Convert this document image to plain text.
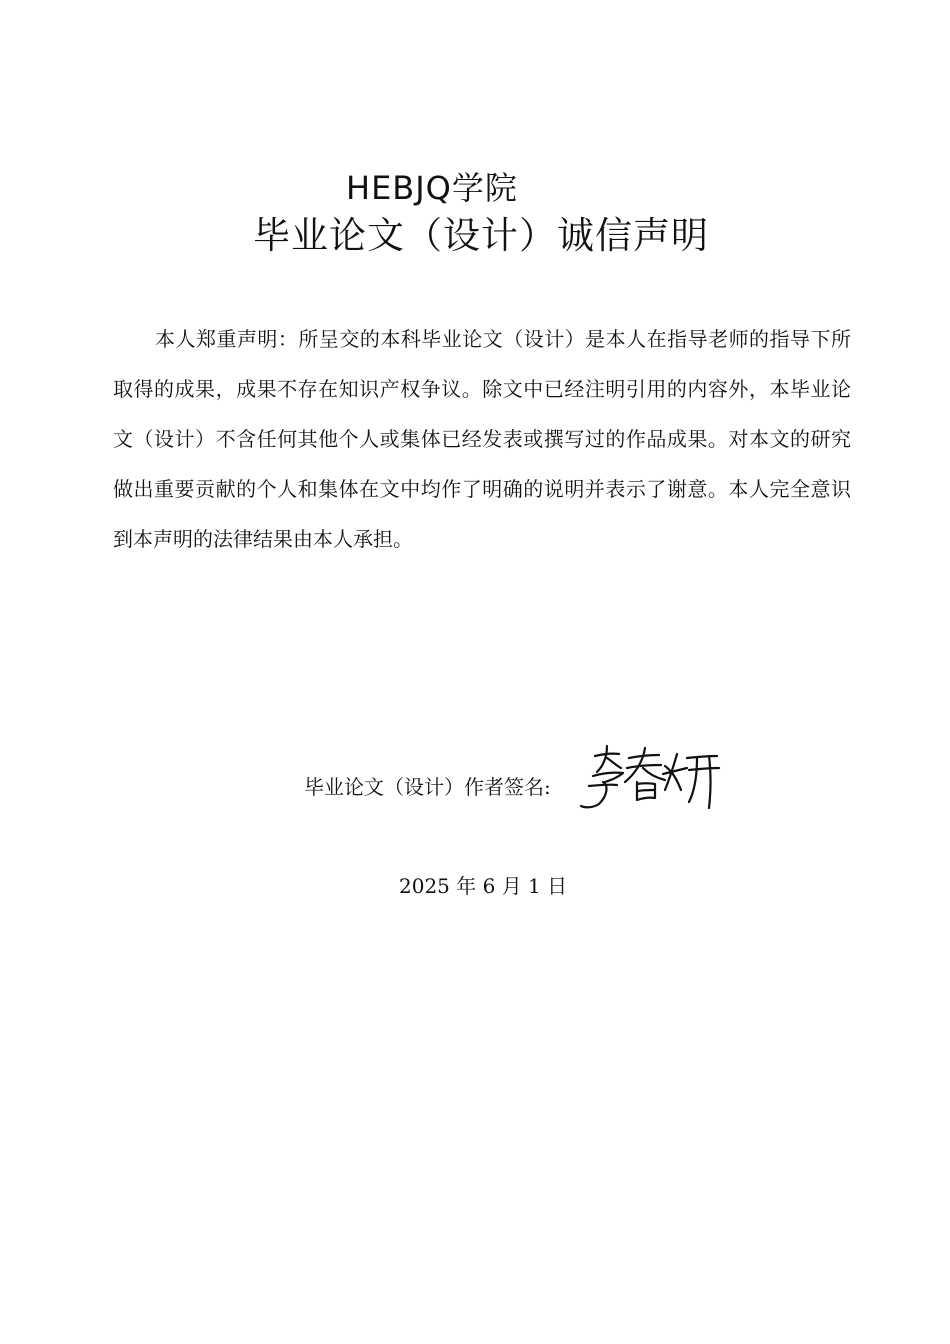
HEBJQ学院
毕业论文（设计）诚信声明

本人郑重声明：所呈交的本科毕业论文（设计）是本人在指导老师的指导下所取得的成果，成果不存在知识产权争议。除文中已经注明引用的内容外，本毕业论文（设计）不含任何其他个人或集体已经发表或撰写过的作品成果。对本文的研究做出重要贡献的个人和集体在文中均作了明确的说明并表示了谢意。本人完全意识到本声明的法律结果由本人承担。

毕业论文（设计）作者签名:
2025 年 6 月 1 日
